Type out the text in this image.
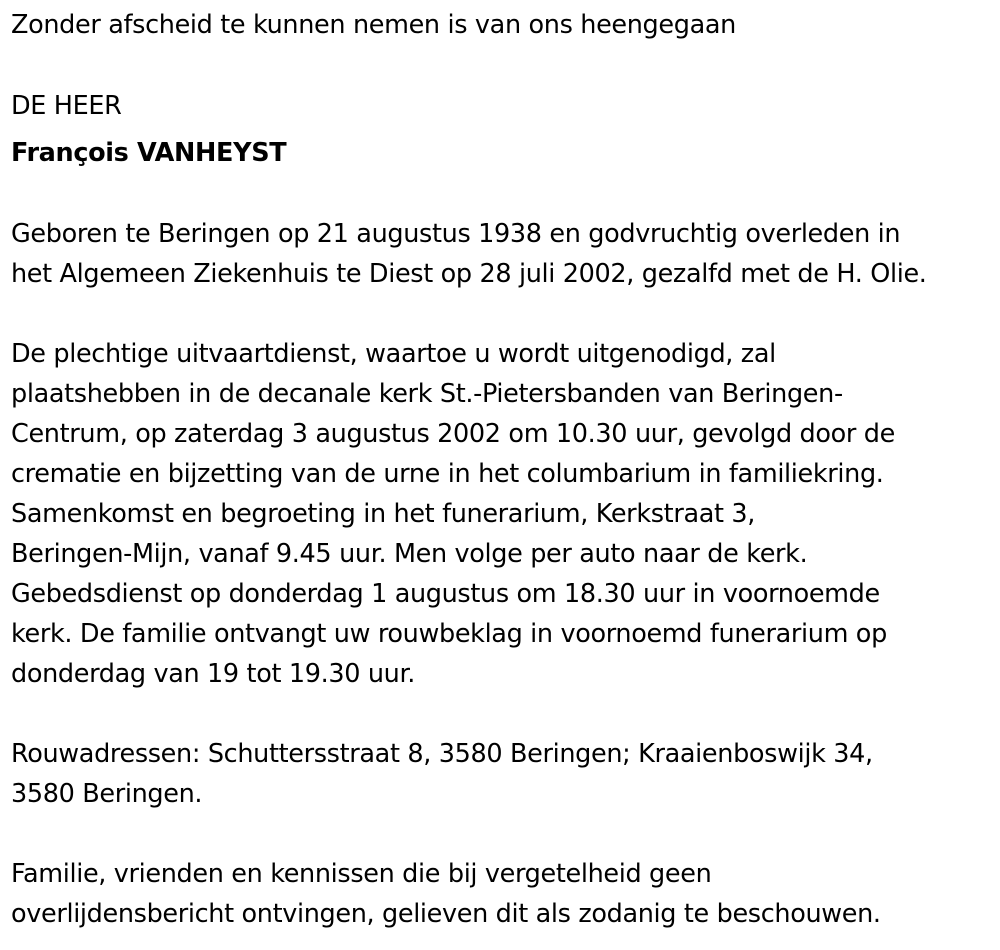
Zonder afscheid te kunnen nemen is van ons heengegaan
DE HEER
François VANHEYST
Geboren te Beringen op 21 augustus 1938 en godvruchtig overleden in
het Algemeen Ziekenhuis te Diest op 28 juli 2002, gezalfd met de H. Olie.
De plechtige uitvaartdienst, waartoe u wordt uitgenodigd, zal
plaatshebben in de decanale kerk St.-Pietersbanden van Beringen-
Centrum, op zaterdag 3 augustus 2002 om 10.30 uur, gevolgd door de
crematie en bijzetting van de urne in het columbarium in familiekring.
Samenkomst en begroeting in het funerarium, Kerkstraat 3,
Beringen-Mijn, vanaf 9.45 uur. Men volge per auto naar de kerk.
Gebedsdienst op donderdag 1 augustus om 18.30 uur in voornoemde
kerk. De familie ontvangt uw rouwbeklag in voornoemd funerarium op
donderdag van 19 tot 19.30 uur.
Rouwadressen: Schuttersstraat 8, 3580 Beringen; Kraaienboswijk 34,
3580 Beringen.
Familie, vrienden en kennissen die bij vergetelheid geen
overlijdensbericht ontvingen, gelieven dit als zodanig te beschouwen.
